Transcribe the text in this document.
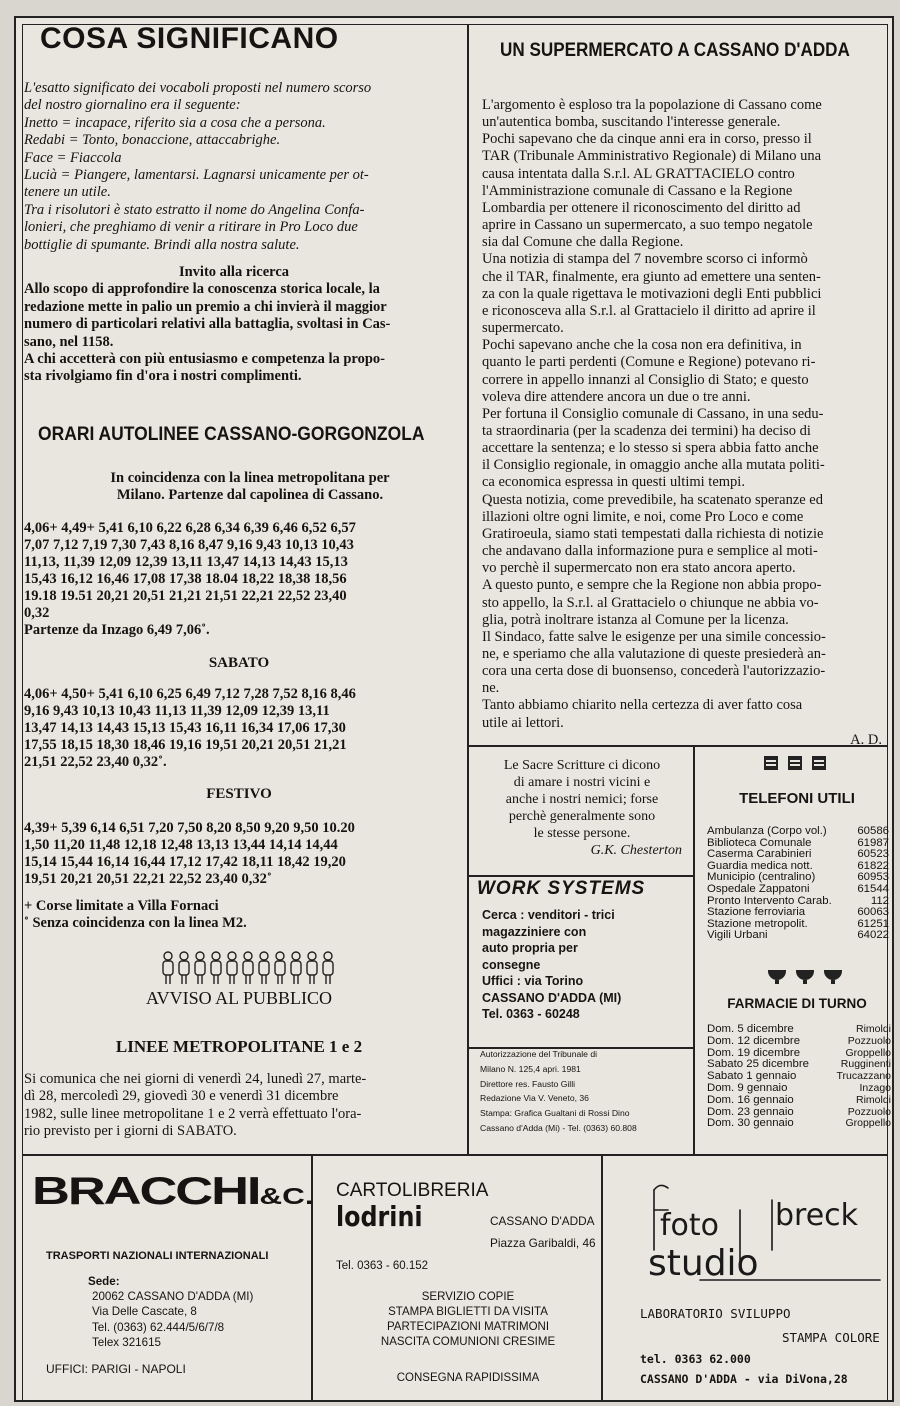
COSA SIGNIFICANO

L'esatto significato dei vocaboli proposti nel numero scorso

del nostro giornalino era il seguente:

Inetto = incapace, riferito sia a cosa che a persona.

Redabi = Tonto, bonaccione, attaccabrighe.

Face = Fiaccola

Lucià = Piangere, lamentarsi. Lagnarsi unicamente per ot-

tenere un utile.

Tra i risolutori è stato estratto il nome do Angelina Confa-

lonieri, che preghiamo di venir a ritirare in Pro Loco due

bottiglie di spumante. Brindi alla nostra salute.

Invito alla ricerca

Allo scopo di approfondire la conoscenza storica locale, la

redazione mette in palio un premio a chi invierà il maggior

numero di particolari relativi alla battaglia, svoltasi in Cas-

sano, nel 1158.

A chi accetterà con più entusiasmo e competenza la propo-

sta rivolgiamo fin d'ora i nostri complimenti.

ORARI AUTOLINEE CASSANO-GORGONZOLA

In coincidenza con la linea metropolitana per

Milano. Partenze dal capolinea di Cassano.

4,06+ 4,49+ 5,41 6,10 6,22 6,28 6,34 6,39 6,46 6,52 6,57

7,07 7,12 7,19 7,30 7,43 8,16 8,47 9,16 9,43 10,13 10,43

11,13, 11,39 12,09 12,39 13,11 13,47 14,13 14,43 15,13

15,43 16,12 16,46 17,08 17,38 18.04 18,22 18,38 18,56

19.18 19.51 20,21 20,51 21,21 21,51 22,21 22,52 23,40

0,32

Partenze da Inzago 6,49 7,06˚.
SABATO

4,06+ 4,50+ 5,41 6,10 6,25 6,49 7,12 7,28 7,52 8,16 8,46

9,16 9,43 10,13 10,43 11,13 11,39 12,09 12,39 13,11

13,47 14,13 14,43 15,13 15,43 16,11 16,34 17,06 17,30

17,55 18,15 18,30 18,46 19,16 19,51 20,21 20,51 21,21

21,51 22,52 23,40 0,32˚.

FESTIVO

4,39+ 5,39 6,14 6,51 7,20 7,50 8,20 8,50 9,20 9,50 10.20

1,50 11,20 11,48 12,18 12,48 13,13 13,44 14,14 14,44

15,14 15,44 16,14 16,44 17,12 17,42 18,11 18,42 19,20

19,51 20,21 20,51 22,21 22,52 23,40 0,32˚

+ Corse limitate a Villa Fornaci

˚ Senza coincidenza con la linea M2.

AVVISO AL PUBBLICO
LINEE METROPOLITANE 1 e 2

Si comunica che nei giorni di venerdì 24, lunedì 27, marte-

dì 28, mercoledì 29, giovedì 30 e venerdì 31 dicembre

1982, sulle linee metropolitane 1 e 2 verrà effettuato l'ora-

rio previsto per i giorni di SABATO.

UN SUPERMERCATO A CASSANO D'ADDA

L'argomento è esploso tra la popolazione di Cassano come

un'autentica bomba, suscitando l'interesse generale.

Pochi sapevano che da cinque anni era in corso, presso il

TAR (Tribunale Amministrativo Regionale) di Milano una

causa intentata dalla S.r.l. AL GRATTACIELO contro

l'Amministrazione comunale di Cassano e la Regione

Lombardia per ottenere il riconoscimento del diritto ad

aprire in Cassano un supermercato, a suo tempo negatole

sia dal Comune che dalla Regione.

Una notizia di stampa del 7 novembre scorso ci informò

che il TAR, finalmente, era giunto ad emettere una senten-

za con la quale rigettava le motivazioni degli Enti pubblici

e riconosceva alla S.r.l. al Grattacielo il diritto ad aprire il

supermercato.

Pochi sapevano anche che la cosa non era definitiva, in

quanto le parti perdenti (Comune e Regione) potevano ri-

correre in appello innanzi al Consiglio di Stato; e questo

voleva dire attendere ancora un due o tre anni.

Per fortuna il Consiglio comunale di Cassano, in una sedu-

ta straordinaria (per la scadenza dei termini) ha deciso di

accettare la sentenza; e lo stesso si spera abbia fatto anche

il Consiglio regionale, in omaggio anche alla mutata politi-

ca economica espressa in questi ultimi tempi.

Questa notizia, come prevedibile, ha scatenato speranze ed

illazioni oltre ogni limite, e noi, come Pro Loco e come

Gratiroeula, siamo stati tempestati dalla richiesta di notizie

che andavano dalla informazione pura e semplice al moti-

vo perchè il supermercato non era stato ancora aperto.

A questo punto, e sempre che la Regione non abbia propo-

sto appello, la S.r.l. al Grattacielo o chiunque ne abbia vo-

glia, potrà inoltrare istanza al Comune per la licenza.

Il Sindaco, fatte salve le esigenze per una simile concessio-

ne, e speriamo che alla valutazione di queste presiederà an-

cora una certa dose di buonsenso, concederà l'autorizzazio-

ne.

Tanto abbiamo chiarito nella certezza di aver fatto cosa

utile ai lettori.

A. D.

Le Sacre Scritture ci dicono

di amare i nostri vicini e

anche i nostri nemici; forse

perchè generalmente sono

le stesse persone.

G.K. Chesterton

WORK SYSTEMS

Cerca : venditori - trici

magazziniere con

auto propria per

consegne

Uffici : via Torino

CASSANO D'ADDA (MI)

Tel. 0363 - 60248

Autorizzazione del Tribunale di

Milano N. 125,4 apri. 1981

Direttore res. Fausto Gilli

Redazione Via V. Veneto, 36

Stampa: Grafica Gualtani di Rossi Dino

Cassano d'Adda (Mi) - Tel. (0363) 60.808

TELEFONI UTILI
Ambulanza (Corpo vol.)	60586
Biblioteca Comunale	61987
Caserma Carabinieri	60523
Guardia medica nott.	61822
Municipio (centralino)	60953
Ospedale Zappatoni	61544
Pronto Intervento Carab.	112
Stazione ferroviaria	60063
Stazione metropolit.	61251
Vigili Urbani	64022
FARMACIE DI TURNO
Dom. 5 dicembre	Rimoldi
Dom. 12 dicembre	Pozzuolo
Dom. 19 dicembre	Groppello
Sabato 25 dicembre	Rugginenti
Sabato 1 gennaio	Trucazzano
Dom. 9 gennaio	Inzago
Dom. 16 gennaio	Rimoldi
Dom. 23 gennaio	Pozzuolo
Dom. 30 gennaio	Groppello
BRACCHI&C.
TRASPORTI NAZIONALI INTERNAZIONALI

Sede:

20062 CASSANO D'ADDA (MI)

Via Delle Cascate, 8

Tel. (0363) 62.444/5/6/7/8

Telex 321615

UFFICI: PARIGI - NAPOLI
CARTOLIBRERIA
lodrini	CASSANO D'ADDA

Piazza Garibaldi, 46

Tel. 0363 - 60.152

SERVIZIO COPIE

STAMPA BIGLIETTI DA VISITA

PARTECIPAZIONI MATRIMONI

NASCITA COMUNIONI CRESIME

CONSEGNA RAPIDISSIMA
foto breck
studio
LABORATORIO SVILUPPO
STAMPA COLORE
tel. 0363 62.000
CASSANO D'ADDA - via DiVona,28
